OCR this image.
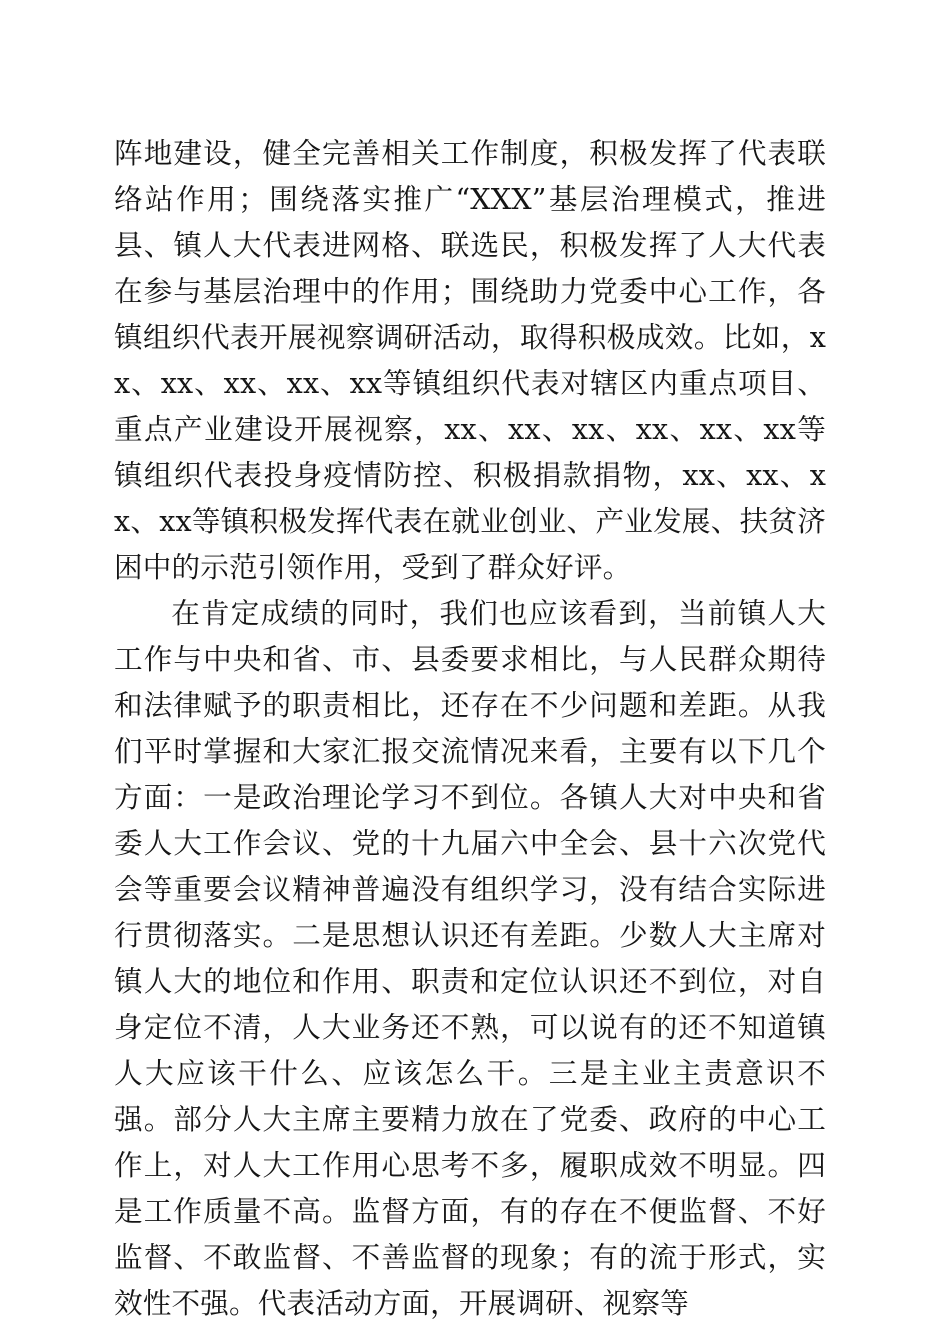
阵地建设，健全完善相关工作制度，积极发挥了代表联络站作用；围绕落实推广“XXX”基层治理模式，推进县、镇人大代表进网格、联选民，积极发挥了人大代表在参与基层治理中的作用；围绕助力党委中心工作，各镇组织代表开展视察调研活动，取得积极成效。比如，xx、xx、xx、xx、xx等镇组织代表对辖区内重点项目、重点产业建设开展视察，xx、xx、xx、xx、xx、xx等镇组织代表投身疫情防控、积极捐款捐物，xx、xx、xx、xx等镇积极发挥代表在就业创业、产业发展、扶贫济困中的示范引领作用，受到了群众好评。

在肯定成绩的同时，我们也应该看到，当前镇人大工作与中央和省、市、县委要求相比，与人民群众期待和法律赋予的职责相比，还存在不少问题和差距。从我们平时掌握和大家汇报交流情况来看，主要有以下几个方面：一是政治理论学习不到位。各镇人大对中央和省委人大工作会议、党的十九届六中全会、县十六次党代会等重要会议精神普遍没有组织学习，没有结合实际进行贯彻落实。二是思想认识还有差距。少数人大主席对镇人大的地位和作用、职责和定位认识还不到位，对自身定位不清，人大业务还不熟，可以说有的还不知道镇人大应该干什么、应该怎么干。三是主业主责意识不强。部分人大主席主要精力放在了党委、政府的中心工作上，对人大工作用心思考不多，履职成效不明显。四是工作质量不高。监督方面，有的存在不便监督、不好监督、不敢监督、不善监督的现象；有的流于形式，实效性不强。代表活动方面，开展调研、视察等
